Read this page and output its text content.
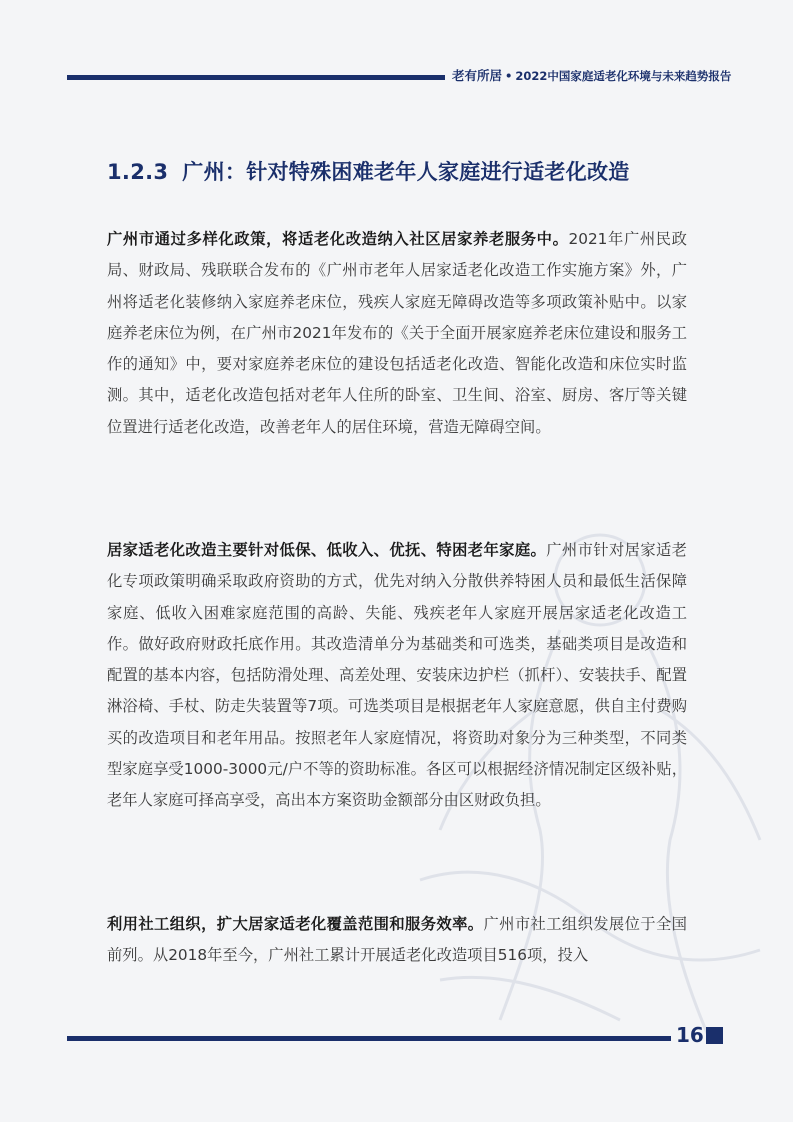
老有所居 • 2022中国家庭适老化环境与未来趋势报告
1.2.3 广州：针对特殊困难老年人家庭进行适老化改造
广州市通过多样化政策，将适老化改造纳入社区居家养老服务中。2021年广州民政局、财政局、残联联合发布的《广州市老年人居家适老化改造工作实施方案》外，广州将适老化装修纳入家庭养老床位，残疾人家庭无障碍改造等多项政策补贴中。以家庭养老床位为例，在广州市2021年发布的《关于全面开展家庭养老床位建设和服务工作的通知》中，要对家庭养老床位的建设包括适老化改造、智能化改造和床位实时监测。其中，适老化改造包括对老年人住所的卧室、卫生间、浴室、厨房、客厅等关键位置进行适老化改造，改善老年人的居住环境，营造无障碍空间。
居家适老化改造主要针对低保、低收入、优抚、特困老年家庭。广州市针对居家适老化专项政策明确采取政府资助的方式，优先对纳入分散供养特困人员和最低生活保障家庭、低收入困难家庭范围的高龄、失能、残疾老年人家庭开展居家适老化改造工作。做好政府财政托底作用。其改造清单分为基础类和可选类，基础类项目是改造和配置的基本内容，包括防滑处理、高差处理、安装床边护栏（抓杆）、安装扶手、配置淋浴椅、手杖、防走失装置等7项。可选类项目是根据老年人家庭意愿，供自主付费购买的改造项目和老年用品。按照老年人家庭情况，将资助对象分为三种类型，不同类型家庭享受1000-3000元/户不等的资助标准。各区可以根据经济情况制定区级补贴，老年人家庭可择高享受，高出本方案资助金额部分由区财政负担。
利用社工组织，扩大居家适老化覆盖范围和服务效率。广州市社工组织发展位于全国前列。从2018年至今，广州社工累计开展适老化改造项目516项，投入
16
